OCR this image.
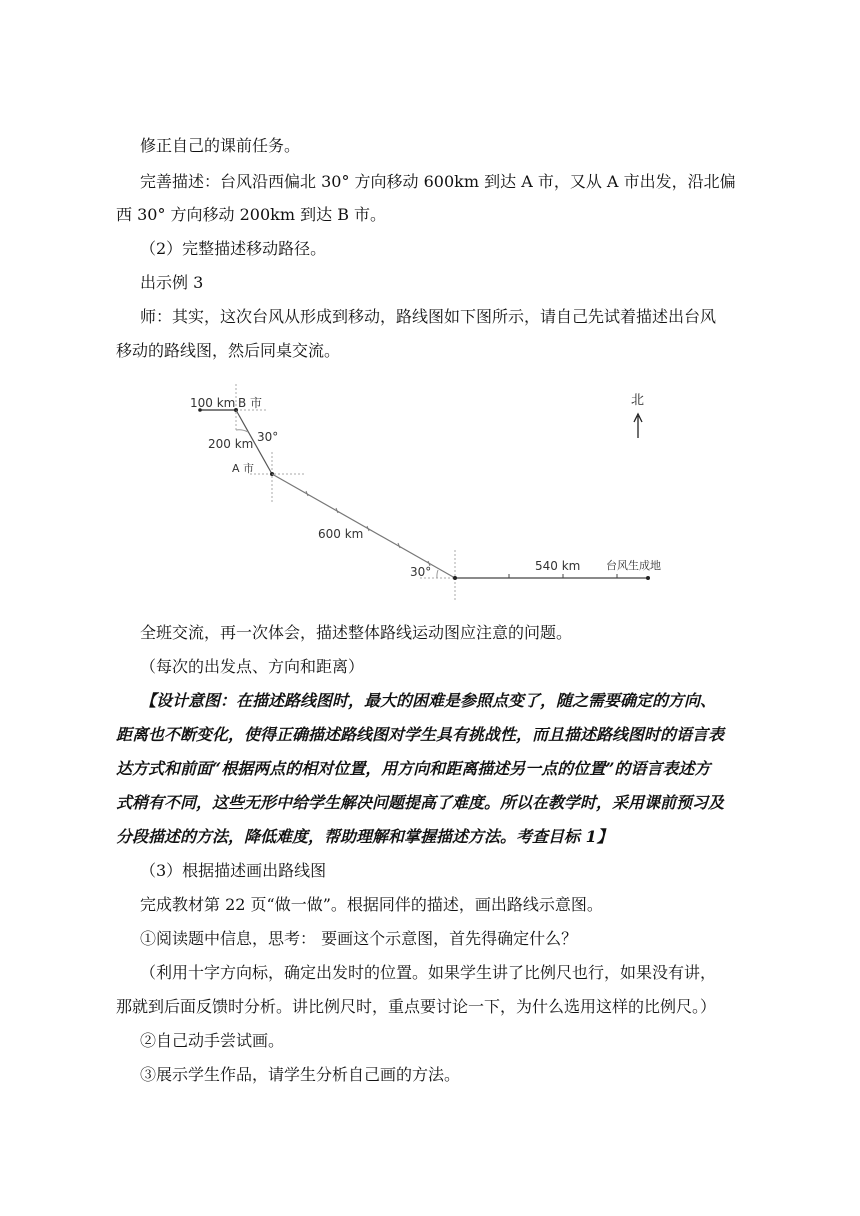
修正自己的课前任务。
完善描述：台风沿西偏北 30° 方向移动 600km 到达 A 市，又从 A 市出发，沿北偏
西 30° 方向移动 200km 到达 B 市。
（2）完整描述移动路径。
出示例 3
师：其实，这次台风从形成到移动，路线图如下图所示，请自己先试着描述出台风
移动的路线图，然后同桌交流。
100 km B 市
200 km 30°
A 市
600 km
30°	540 km 台风生成地
北
全班交流，再一次体会，描述整体路线运动图应注意的问题。
（每次的出发点、方向和距离）
【设计意图：在描述路线图时，最大的困难是参照点变了，随之需要确定的方向、
距离也不断变化，使得正确描述路线图对学生具有挑战性，而且描述路线图时的语言表
达方式和前面“根据两点的相对位置，用方向和距离描述另一点的位置”的语言表述方
式稍有不同，这些无形中给学生解决问题提高了难度。所以在教学时，采用课前预习及
分段描述的方法，降低难度，帮助理解和掌握描述方法。考查目标 1】
（3）根据描述画出路线图
完成教材第 22 页“做一做”。根据同伴的描述，画出路线示意图。
①阅读题中信息，思考： 要画这个示意图，首先得确定什么？
（利用十字方向标，确定出发时的位置。如果学生讲了比例尺也行，如果没有讲，
那就到后面反馈时分析。讲比例尺时，重点要讨论一下，为什么选用这样的比例尺。）
②自己动手尝试画。
③展示学生作品，请学生分析自己画的方法。
